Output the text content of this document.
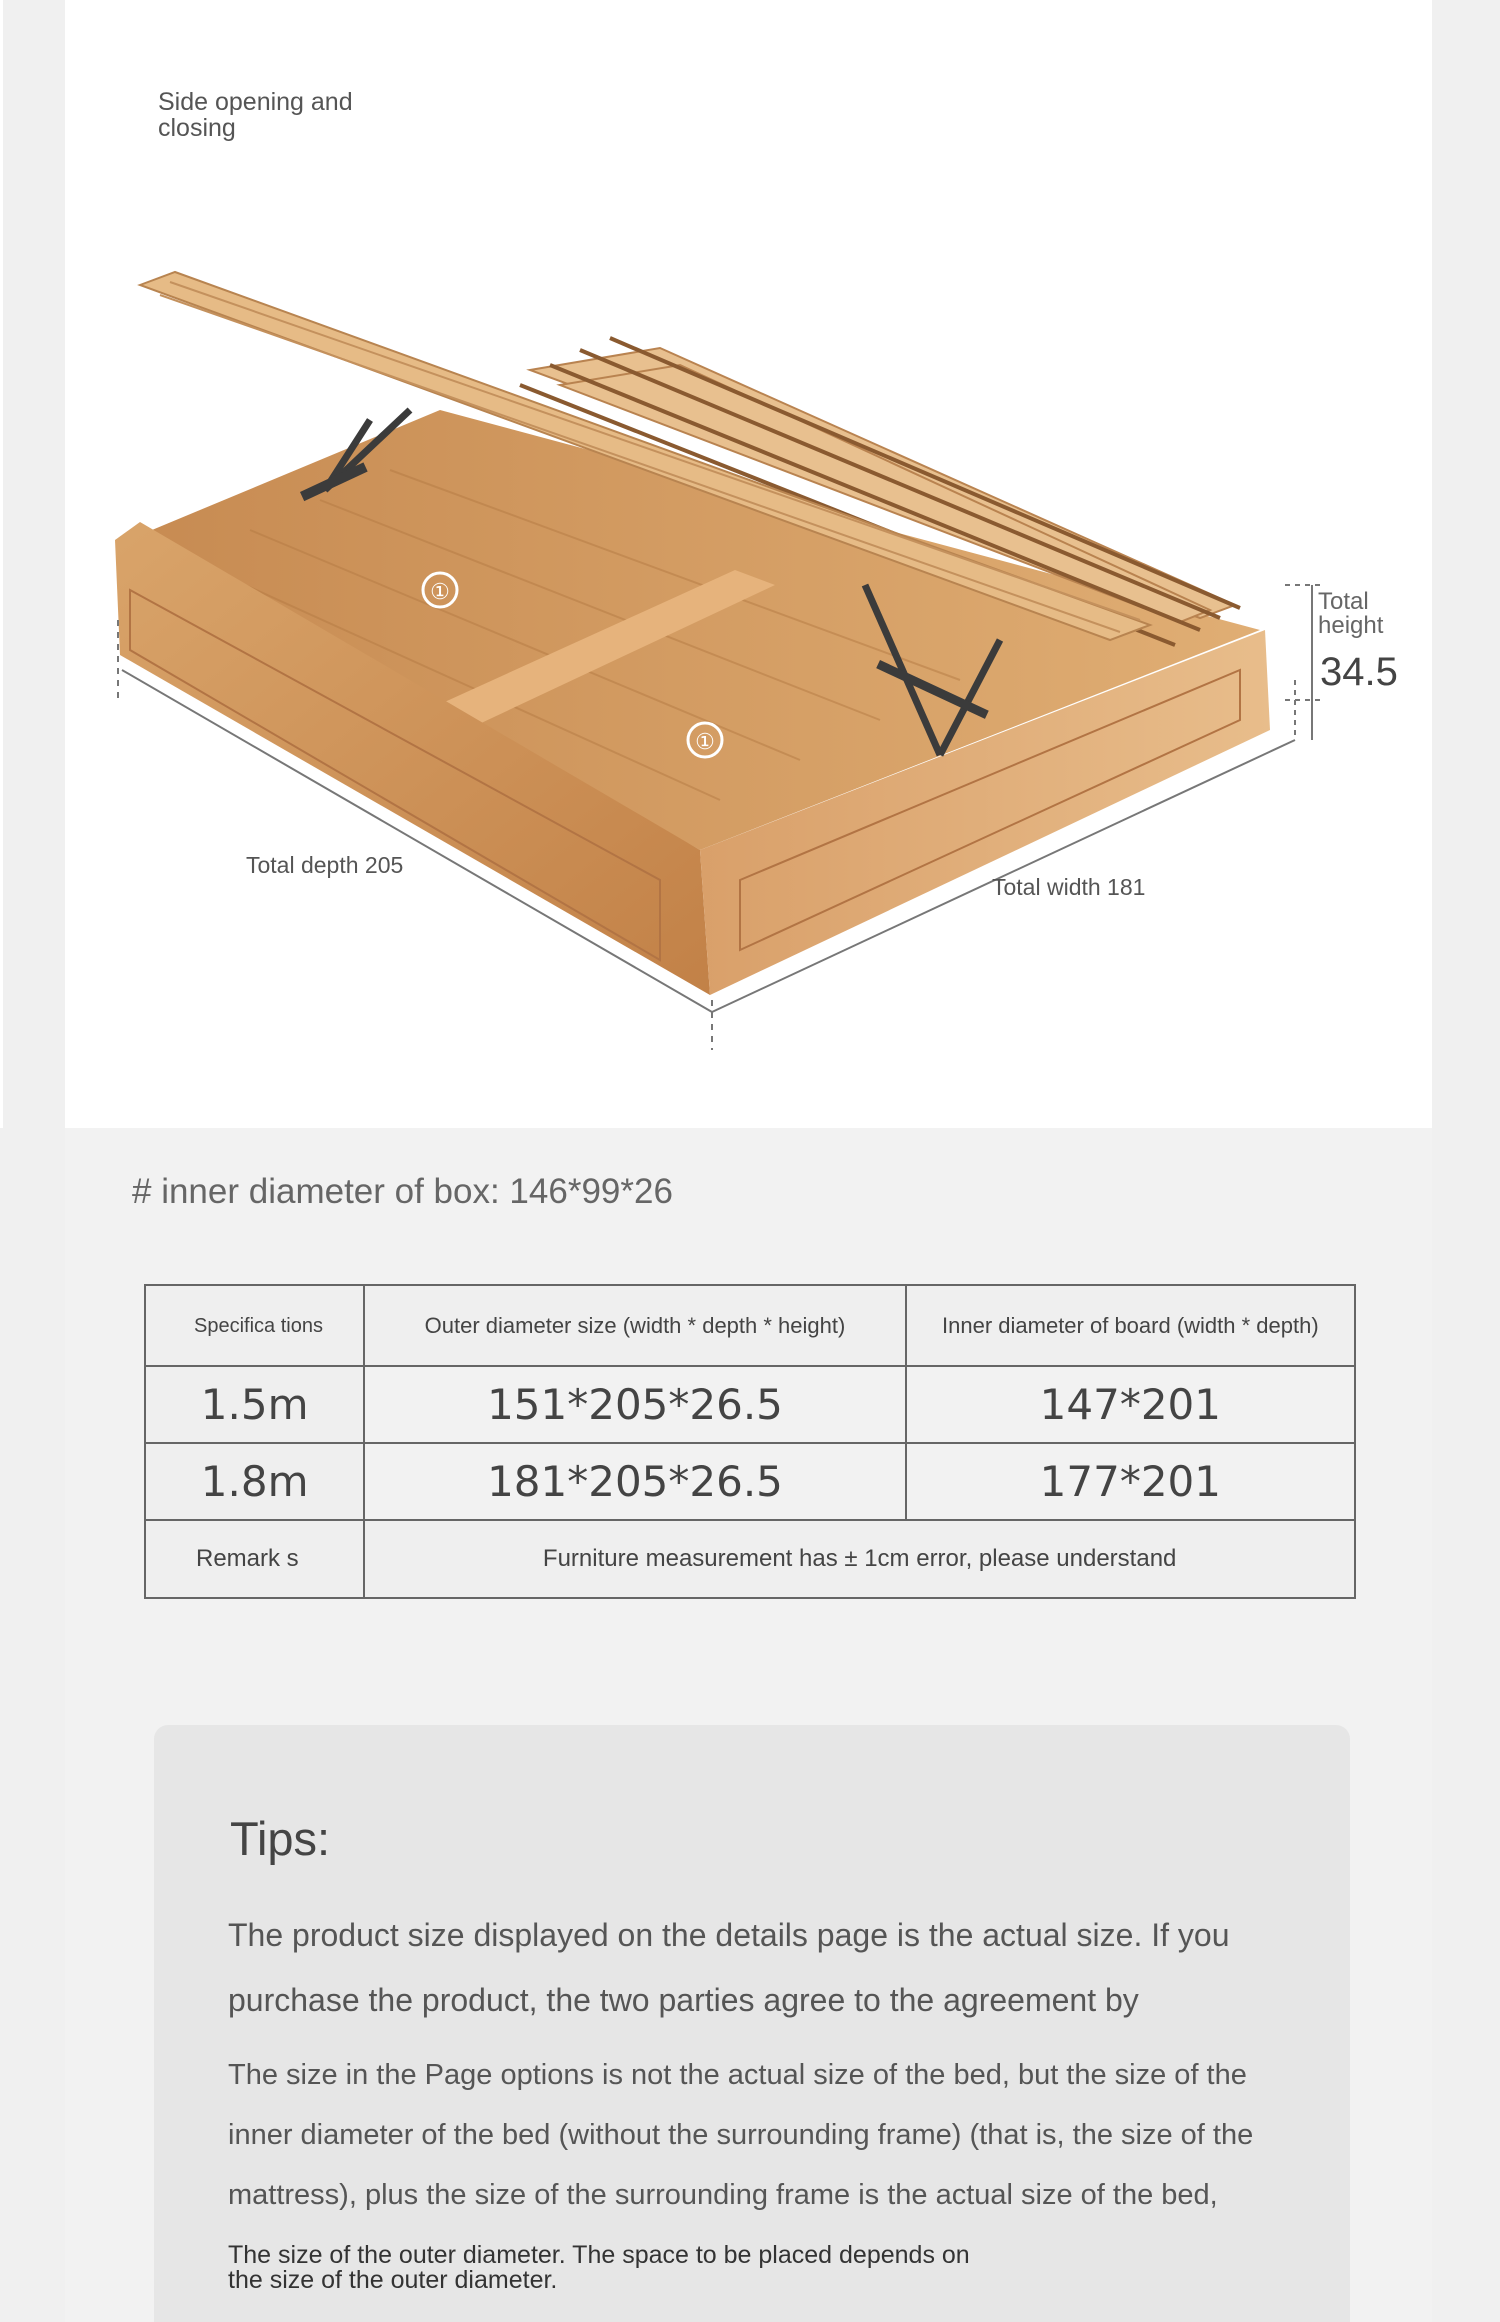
Side opening and closing
①
①
Total depth 205
Total width 181
Total height
34.5
# inner diameter of box: 146*99*26
Specifica tions	Outer diameter size (width * depth * height)	Inner diameter of board (width * depth)
1.5m	151*205*26.5	147*201
1.8m	181*205*26.5	177*201
Remark s	Furniture measurement has ± 1cm error, please understand	
Tips:
The product size displayed on the details page is the actual size. If you purchase the product, the two parties agree to the agreement by
The size in the Page options is not the actual size of the bed, but the size of the inner diameter of the bed (without the surrounding frame) (that is, the size of the mattress), plus the size of the surrounding frame is the actual size of the bed,
The size of the outer diameter. The space to be placed depends on the size of the outer diameter.
